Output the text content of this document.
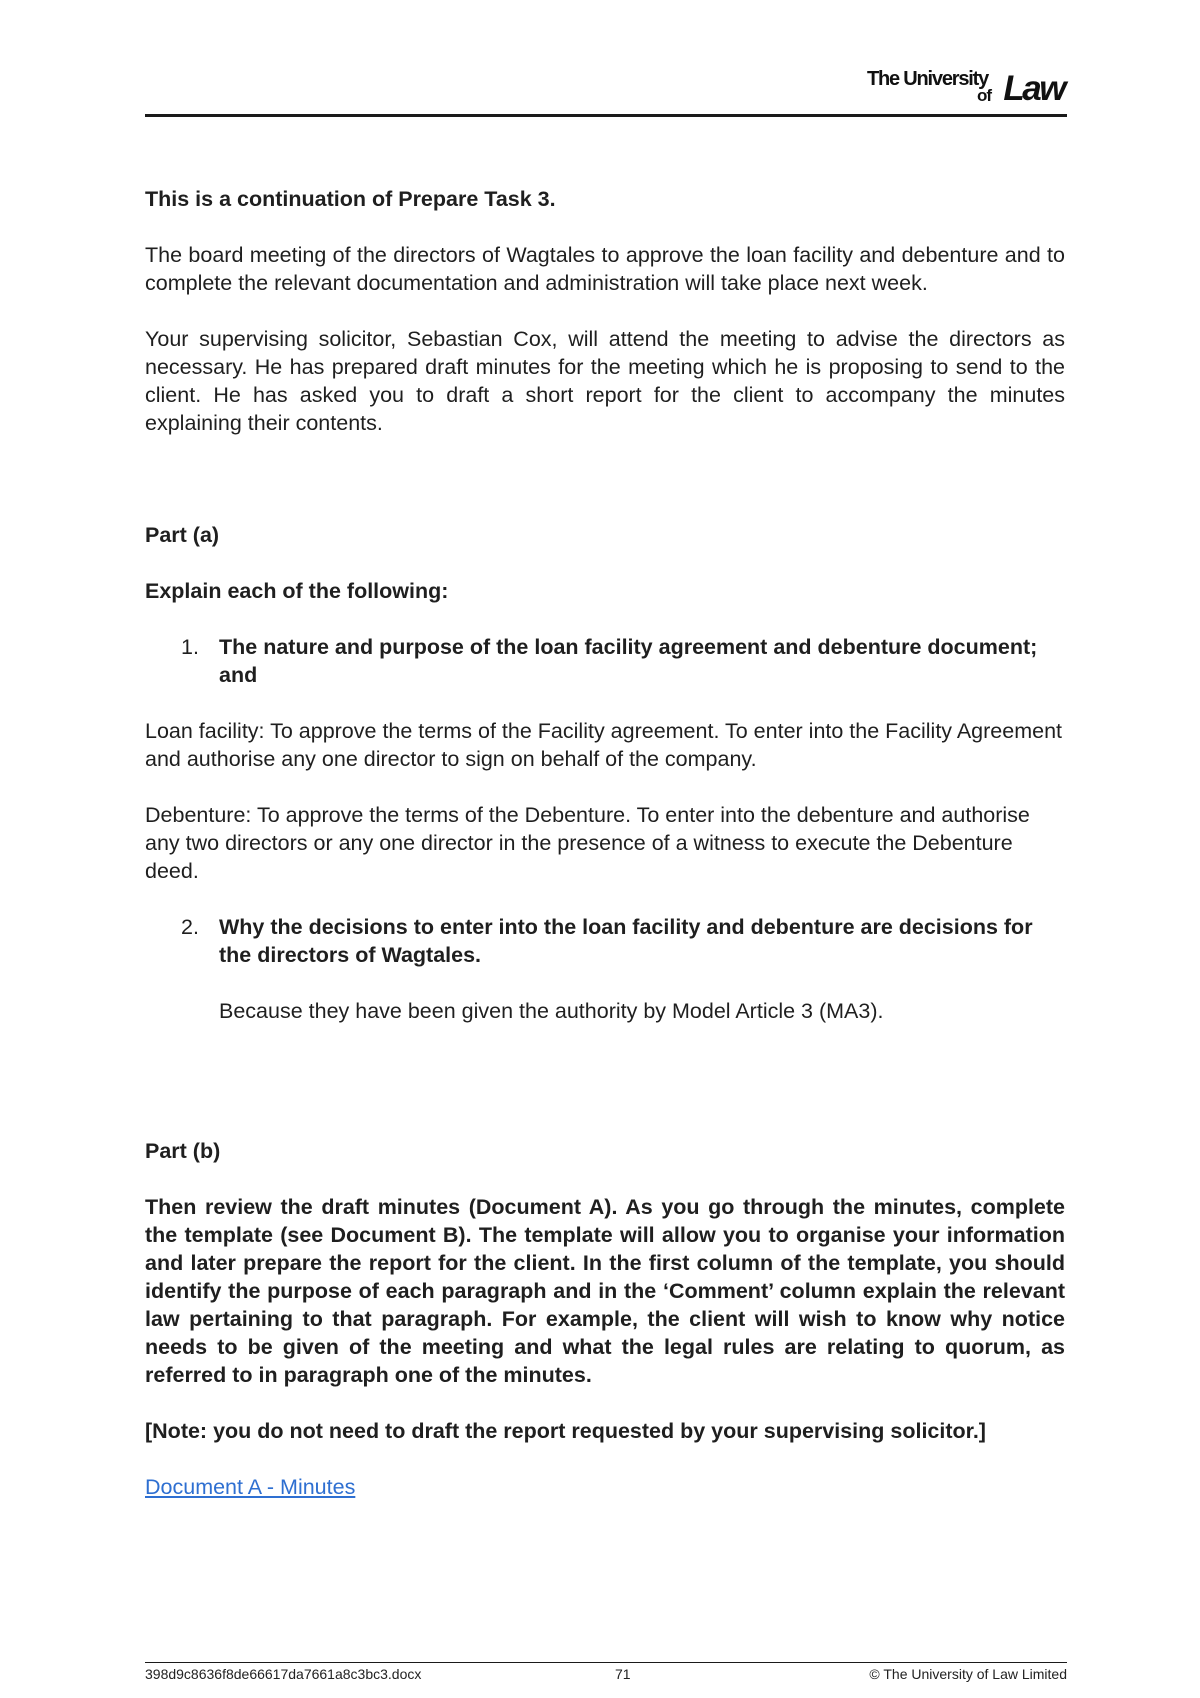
The University
of Law

This is a continuation of Prepare Task 3.

The board meeting of the directors of Wagtales to approve the loan facility and debenture and to complete the relevant documentation and administration will take place next week.

Your supervising solicitor, Sebastian Cox, will attend the meeting to advise the directors as necessary. He has prepared draft minutes for the meeting which he is proposing to send to the client. He has asked you to draft a short report for the client to accompany the minutes explaining their contents.

Part (a)

Explain each of the following:

1. The nature and purpose of the loan facility agreement and debenture document; and

Loan facility: To approve the terms of the Facility agreement. To enter into the Facility Agreement and authorise any one director to sign on behalf of the company.

Debenture: To approve the terms of the Debenture. To enter into the debenture and authorise any two directors or any one director in the presence of a witness to execute the Debenture deed.

2. Why the decisions to enter into the loan facility and debenture are decisions for the directors of Wagtales.

Because they have been given the authority by Model Article 3 (MA3).

Part (b)

Then review the draft minutes (Document A). As you go through the minutes, complete the template (see Document B). The template will allow you to organise your information and later prepare the report for the client. In the first column of the template, you should identify the purpose of each paragraph and in the ‘Comment’ column explain the relevant law pertaining to that paragraph. For example, the client will wish to know why notice needs to be given of the meeting and what the legal rules are relating to quorum, as referred to in paragraph one of the minutes.

[Note: you do not need to draft the report requested by your supervising solicitor.]

Document A - Minutes

398d9c8636f8de66617da7661a8c3bc3.docx	71	© The University of Law Limited
